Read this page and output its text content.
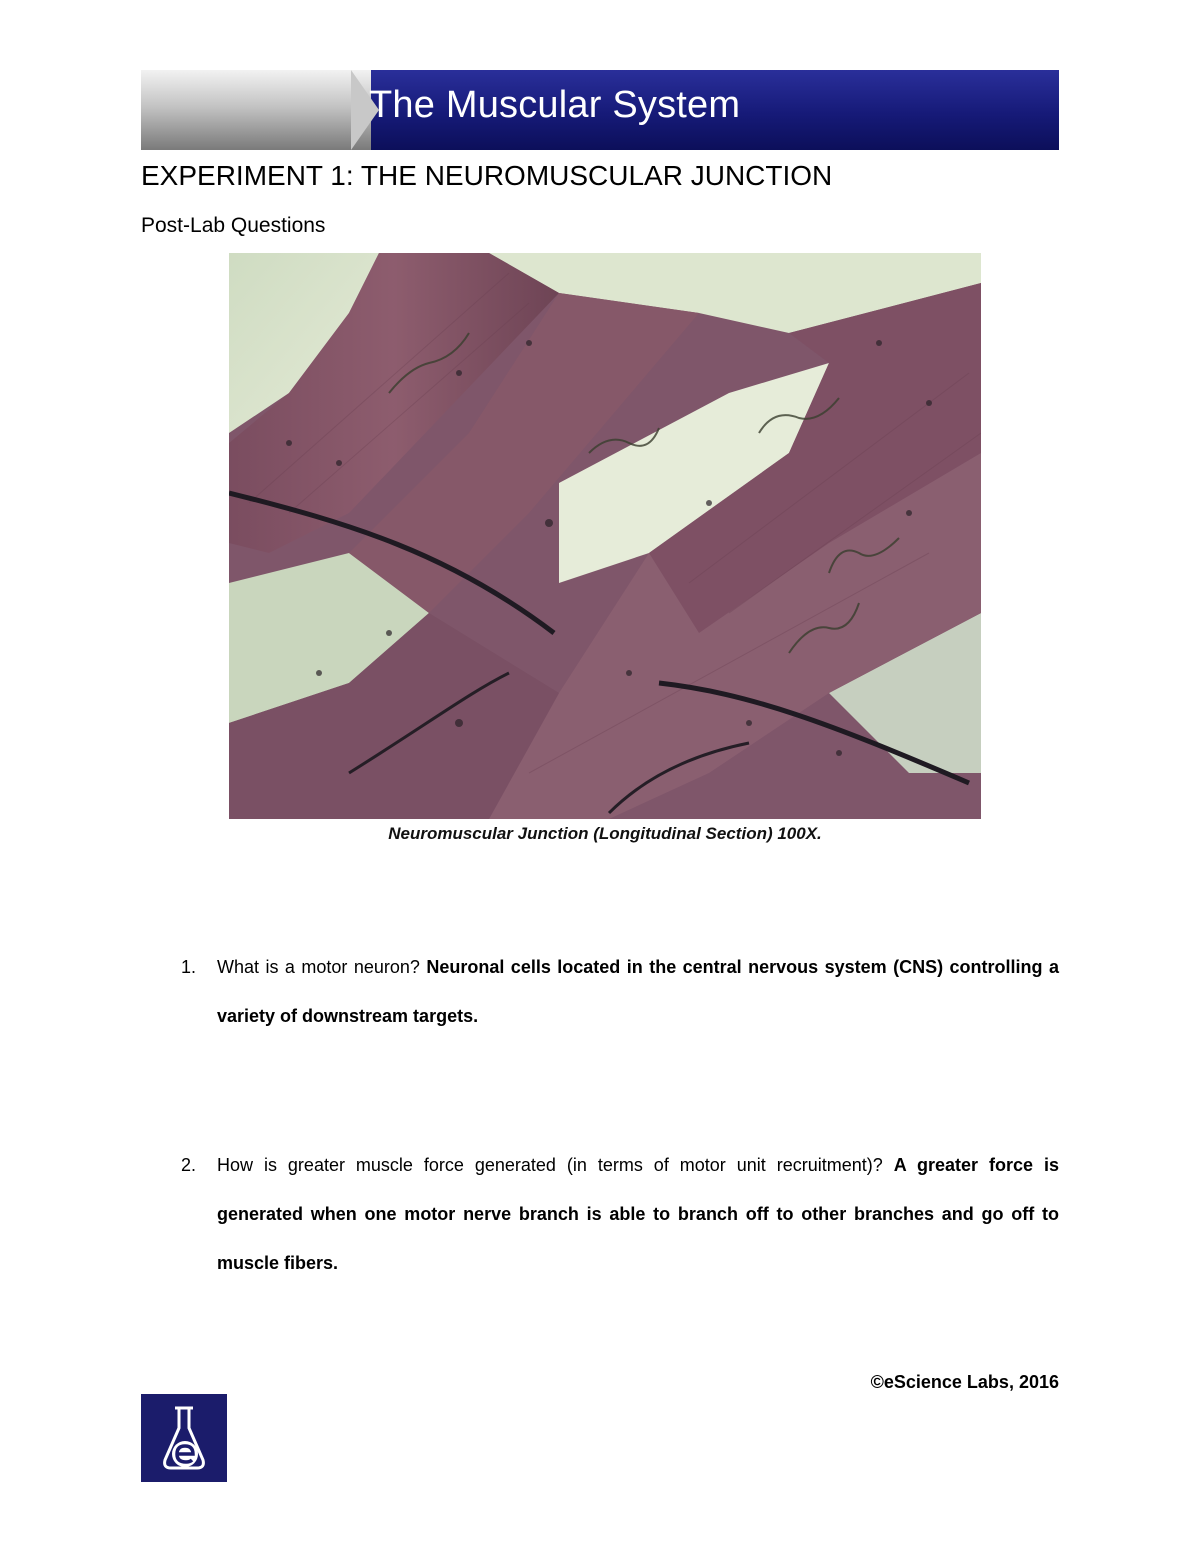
The Muscular System
EXPERIMENT 1: THE NEUROMUSCULAR JUNCTION
Post-Lab Questions
Neuromuscular Junction (Longitudinal Section) 100X.
1. What is a motor neuron? Neuronal cells located in the central nervous system (CNS) controlling a variety of downstream targets.
2. How is greater muscle force generated (in terms of motor unit recruitment)? A greater force is generated when one motor nerve branch is able to branch off to other branches and go off to muscle fibers.
©eScience Labs, 2016
